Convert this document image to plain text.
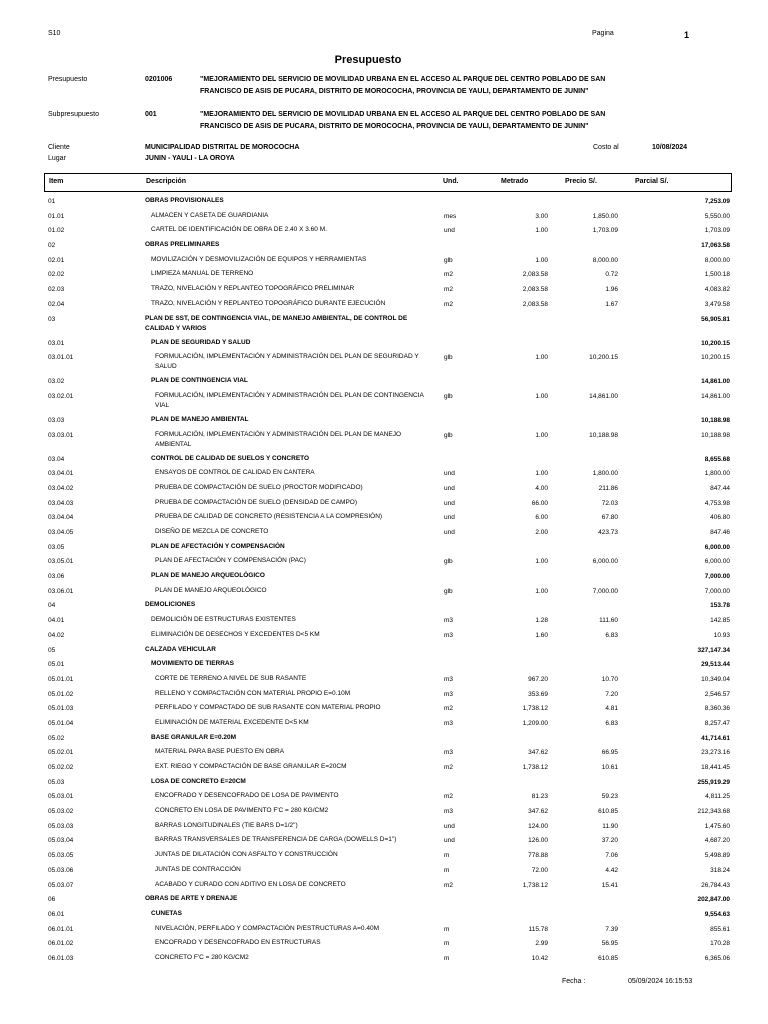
S10	Pagina	1
Presupuesto
Presupuesto	0201006	"MEJORAMIENTO DEL SERVICIO DE MOVILIDAD URBANA EN EL ACCESO AL PARQUE DEL CENTRO POBLADO DE SAN FRANCISCO DE ASIS DE PUCARA, DISTRITO DE MOROCOCHA, PROVINCIA DE YAULI, DEPARTAMENTO DE JUNIN"
Subpresupuesto	001	"MEJORAMIENTO DEL SERVICIO DE MOVILIDAD URBANA EN EL ACCESO AL PARQUE DEL CENTRO POBLADO DE SAN FRANCISCO DE ASIS DE PUCARA, DISTRITO DE MOROCOCHA, PROVINCIA DE YAULI, DEPARTAMENTO DE JUNIN"
Cliente	MUNICIPALIDAD DISTRITAL DE MOROCOCHA	Costo al	10/08/2024
Lugar	JUNIN - YAULI - LA OROYA
Item	Descripción	Und.	Metrado	Precio S/.	Parcial S/.
01	OBRAS PROVISIONALES	7,253.09
01.01	ALMACEN Y CASETA DE GUARDIANIA	mes	3.00	1,850.00	5,550.00
01.02	CARTEL DE IDENTIFICACIÓN DE OBRA DE 2.40 X 3.60 M.	und	1.00	1,703.09	1,703.09
02	OBRAS PRELIMINARES	17,063.58
02.01	MOVILIZACIÓN Y DESMOVILIZACIÓN DE EQUIPOS Y HERRAMIENTAS	glb	1.00	8,000.00	8,000.00
02.02	LIMPIEZA MANUAL DE TERRENO	m2	2,083.58	0.72	1,500.18
02.03	TRAZO, NIVELACIÓN Y REPLANTEO TOPOGRÁFICO PRELIMINAR	m2	2,083.58	1.96	4,083.82
02.04	TRAZO, NIVELACIÓN Y REPLANTEO TOPOGRÁFICO DURANTE EJECUCIÓN	m2	2,083.58	1.67	3,479.58
03	PLAN DE SST, DE CONTINGENCIA VIAL, DE MANEJO AMBIENTAL, DE CONTROL DE CALIDAD Y VARIOS
56,905.81
03.01	PLAN DE SEGURIDAD Y SALUD	10,200.15
03.01.01	FORMULACIÓN, IMPLEMENTACIÓN Y ADMINISTRACIÓN DEL PLAN DE SEGURIDAD Y SALUD
glb	1.00	10,200.15	10,200.15
03.02	PLAN DE CONTINGENCIA VIAL	14,861.00
03.02.01	FORMULACIÓN, IMPLEMENTACIÓN Y ADMINISTRACIÓN DEL PLAN DE CONTINGENCIA VIAL
glb	1.00	14,861.00	14,861.00
03.03	PLAN DE MANEJO AMBIENTAL	10,188.98
03.03.01	FORMULACIÓN, IMPLEMENTACIÓN Y ADMINISTRACIÓN DEL PLAN DE MANEJO AMBIENTAL
glb	1.00	10,188.98	10,188.98
03.04	CONTROL DE CALIDAD DE SUELOS Y CONCRETO	8,655.68
03.04.01	ENSAYOS DE CONTROL DE CALIDAD EN CANTERA	und	1.00	1,800.00	1,800.00
03.04.02	PRUEBA DE COMPACTACIÓN DE SUELO (PROCTOR MODIFICADO)	und	4.00	211.86	847.44
03.04.03	PRUEBA DE COMPACTACIÓN DE SUELO (DENSIDAD DE CAMPO)	und	66.00	72.03	4,753.98
03.04.04	PRUEBA DE CALIDAD DE CONCRETO (RESISTENCIA A LA COMPRESIÓN)	und	6.00	67.80	406.80
03.04.05	DISEÑO DE MEZCLA DE CONCRETO	und	2.00	423.73	847.46
03.05	PLAN DE AFECTACIÓN Y COMPENSACIÓN	6,000.00
03.05.01	PLAN DE AFECTACIÓN Y COMPENSACIÓN (PAC)	glb	1.00	6,000.00	6,000.00
03.06	PLAN DE MANEJO ARQUEOLÓGICO	7,000.00
03.06.01	PLAN DE MANEJO ARQUEOLÓGICO	glb	1.00	7,000.00	7,000.00
04	DEMOLICIONES	153.78
04.01	DEMOLICIÓN DE ESTRUCTURAS EXISTENTES	m3	1.28	111.60	142.85
04.02	ELIMINACIÓN DE DESECHOS Y EXCEDENTES D<5 KM	m3	1.60	6.83	10.93
05	CALZADA VEHICULAR	327,147.34
05.01	MOVIMIENTO DE TIERRAS	29,513.44
05.01.01	CORTE DE TERRENO A NIVEL DE SUB RASANTE	m3	967.20	10.70	10,349.04
05.01.02	RELLENO Y COMPACTACIÓN CON MATERIAL PROPIO E=0.10M	m3	353.69	7.20	2,546.57
05.01.03	PERFILADO Y COMPACTADO DE SUB RASANTE CON MATERIAL PROPIO	m2	1,738.12	4.81	8,360.36
05.01.04	ELIMINACIÓN DE MATERIAL EXCEDENTE D<5 KM	m3	1,209.00	6.83	8,257.47
05.02	BASE GRANULAR E=0.20M	41,714.61
05.02.01	MATERIAL PARA BASE PUESTO EN OBRA	m3	347.62	66.95	23,273.16
05.02.02	EXT. RIEGO Y COMPACTACIÓN DE BASE GRANULAR E=20CM	m2	1,738.12	10.61	18,441.45
05.03	LOSA DE CONCRETO E=20CM	255,919.29
05.03.01	ENCOFRADO Y DESENCOFRADO DE LOSA DE PAVIMENTO	m2	81.23	59.23	4,811.25
05.03.02	CONCRETO EN LOSA DE PAVIMENTO F'C = 280 KG/CM2	m3	347.62	610.85	212,343.68
05.03.03	BARRAS LONGITUDINALES (TIE BARS D=1/2")	und	124.00	11.90	1,475.60
05.03.04	BARRAS TRANSVERSALES DE TRANSFERENCIA DE CARGA (DOWELLS D=1")	und	126.00	37.20	4,687.20
05.03.05	JUNTAS DE DILATACIÓN CON ASFALTO Y CONSTRUCCIÓN	m	778.88	7.06	5,498.89
05.03.06	JUNTAS DE CONTRACCIÓN	m	72.00	4.42	318.24
05.03.07	ACABADO Y CURADO CON ADITIVO EN LOSA DE CONCRETO	m2	1,738.12	15.41	26,784.43
06	OBRAS DE ARTE Y DRENAJE	202,847.00
06.01	CUNETAS	9,554.63
06.01.01	NIVELACIÓN, PERFILADO Y COMPACTACIÓN P/ESTRUCTURAS A=0.40M	m	115.78	7.39	855.61
06.01.02	ENCOFRADO Y DESENCOFRADO EN ESTRUCTURAS	m	2.99	56.95	170.28
06.01.03	CONCRETO F'C = 280 KG/CM2	m	10.42	610.85	6,365.06
Fecha :	05/09/2024 16:15:53
